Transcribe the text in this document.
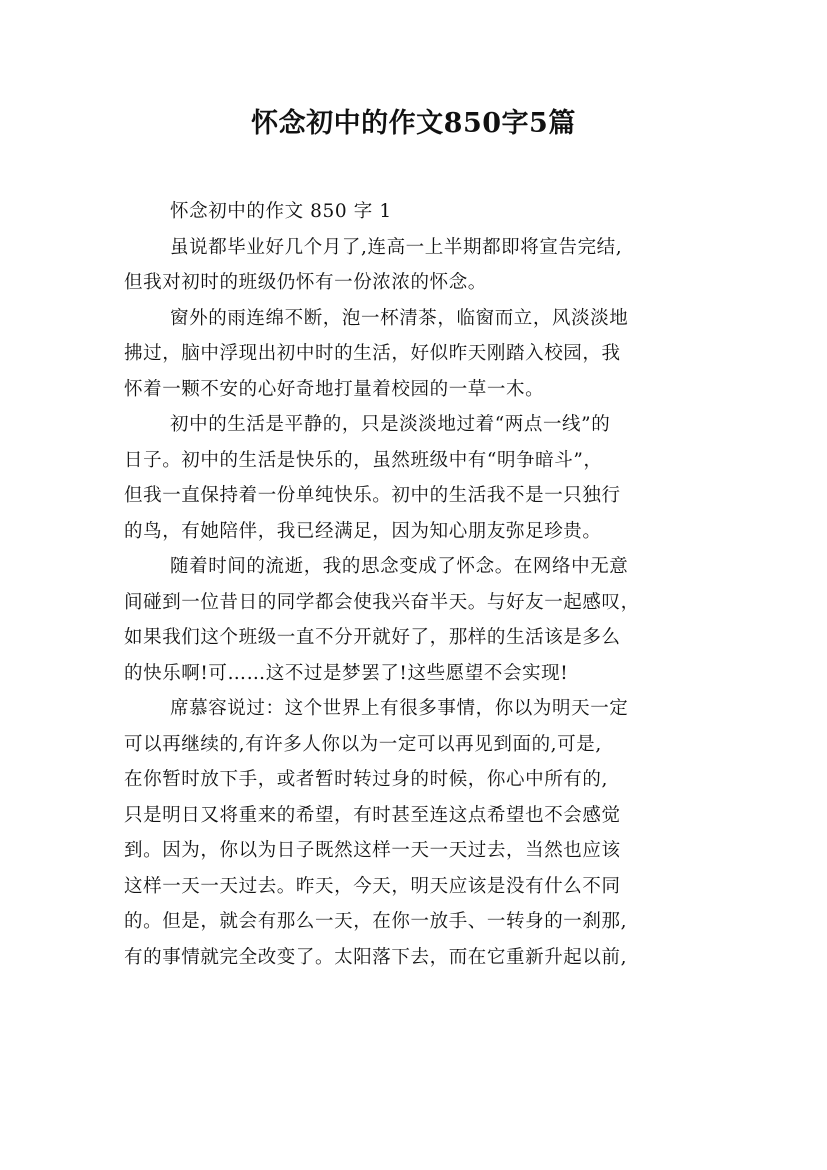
怀念初中的作文850字5篇
怀念初中的作文 850 字 1
虽说都毕业好几个月了,连高一上半期都即将宣告完结,
但我对初时的班级仍怀有一份浓浓的怀念。
窗外的雨连绵不断，泡一杯清茶，临窗而立，风淡淡地
拂过，脑中浮现出初中时的生活，好似昨天刚踏入校园，我
怀着一颗不安的心好奇地打量着校园的一草一木。
初中的生活是平静的，只是淡淡地过着“两点一线”的
日子。初中的生活是快乐的，虽然班级中有“明争暗斗”，
但我一直保持着一份单纯快乐。初中的生活我不是一只独行
的鸟，有她陪伴，我已经满足，因为知心朋友弥足珍贵。
随着时间的流逝，我的思念变成了怀念。在网络中无意
间碰到一位昔日的同学都会使我兴奋半天。与好友一起感叹，
如果我们这个班级一直不分开就好了，那样的生活该是多么
的快乐啊!可……这不过是梦罢了!这些愿望不会实现!
席慕容说过：这个世界上有很多事情，你以为明天一定
可以再继续的,有许多人你以为一定可以再见到面的,可是,
在你暂时放下手，或者暂时转过身的时候，你心中所有的,
只是明日又将重来的希望，有时甚至连这点希望也不会感觉
到。因为，你以为日子既然这样一天一天过去，当然也应该
这样一天一天过去。昨天，今天，明天应该是没有什么不同
的。但是，就会有那么一天，在你一放手、一转身的一刹那,
有的事情就完全改变了。太阳落下去，而在它重新升起以前,
